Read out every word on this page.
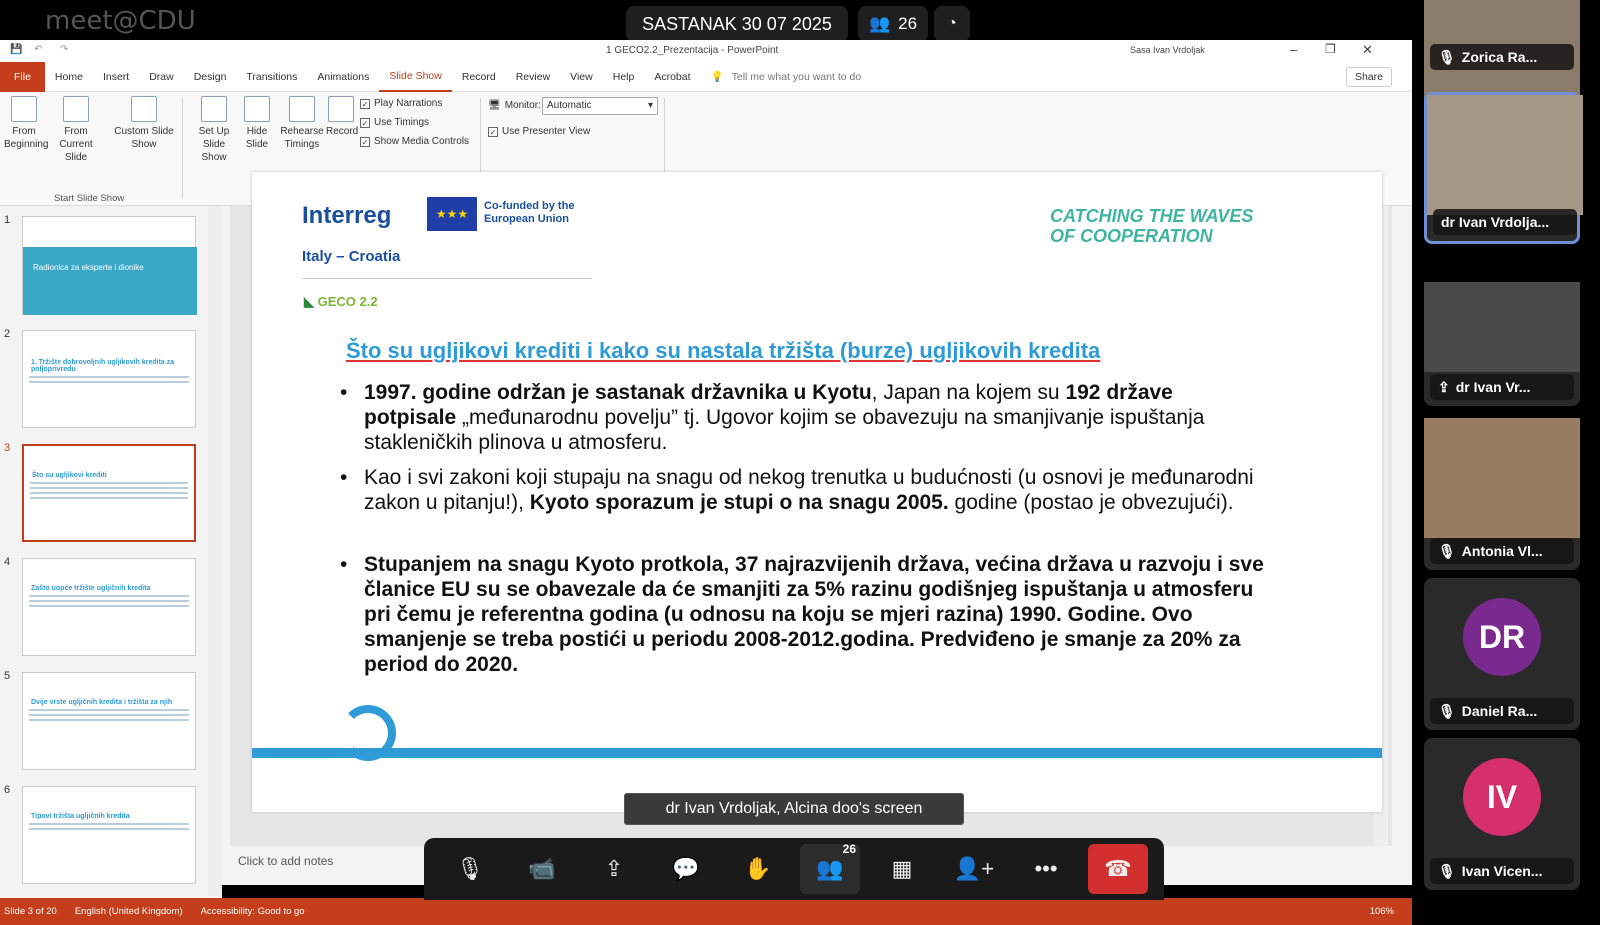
meet@CDU	SASTANAK 30 07 2025	👥 26 ◔
💾 ↶ ↷	1 GECO2.2_Prezentacija - PowerPoint	Sasa Ivan Vrdoljak	– ❐ ✕
File	Home	Insert	Draw	Design	Transitions	Animations	Slide Show	Record	Review	View	Help	Acrobat	💡 Tell me what you want to do	Share
From Beginning
From Current Slide
Custom Slide Show
Start Slide Show
Set Up Slide Show
Hide Slide
Rehearse Timings
Record
✓ Play Narrations
✓ Use Timings
✓ Show Media Controls
🖥 Monitor: Automatic	▾
✓ Use Presenter View
1
Radionica za eksperte i dionike
2
1. Tržište dobrovoljnih ugljikovih kredita za poljoprivredu
3
Što su ugljikovi krediti
4
Zašto uopće tržište ugljičnih kredita
5
Dvije vrste ugljičnih kredita i tržišta za njih
6
Tipovi tržišta ugljičnih kredita
Click to add notes
Slide 3 of 20 English (United Kingdom) Accessibility: Good to go	106%
Interreg	★★★
Co-funded by the European Union
Italy – Croatia
CATCHING THE WAVES
OF COOPERATION
◣ GECO 2.2
Što su ugljikovi krediti i kako su nastala tržišta (burze) ugljikovih kredita
• 1997. godine održan je sastanak državnika u Kyotu, Japan na kojem su 192 države potpisale „međunarodnu povelju” tj. Ugovor kojim se obavezuju na smanjivanje ispuštanja stakleničkih plinova u atmosferu.
• Kao i svi zakoni koji stupaju na snagu od nekog trenutka u budućnosti (u osnovi je međunarodni zakon u pitanju!), Kyoto sporazum je stupi o na snagu 2005. godine (postao je obvezujući).
• Stupanjem na snagu Kyoto protkola, 37 najrazvijenih država, većina država u razvoju i sve članice EU su se obavezale da će smanjiti za 5% razinu godišnjeg ispuštanja u atmosferu pri čemu je referentna godina (u odnosu na koju se mjeri razina) 1990. Godine. Ovo smanjenje se treba postići u periodu 2008-2012.godina. Predviđeno je smanje za 20% za period do 2020.
dr Ivan Vrdoljak, Alcina doo's screen
🎙 📹 ⇪ 💬 ✋ 👥
26
▦ 👤+ ••• ☎
🎙 Zorica Ra...
dr Ivan Vrdolja...
⇪ dr Ivan Vr...
🎙 Antonia Vl...
DR
🎙 Daniel Ra...
IV
🎙 Ivan Vicen...
